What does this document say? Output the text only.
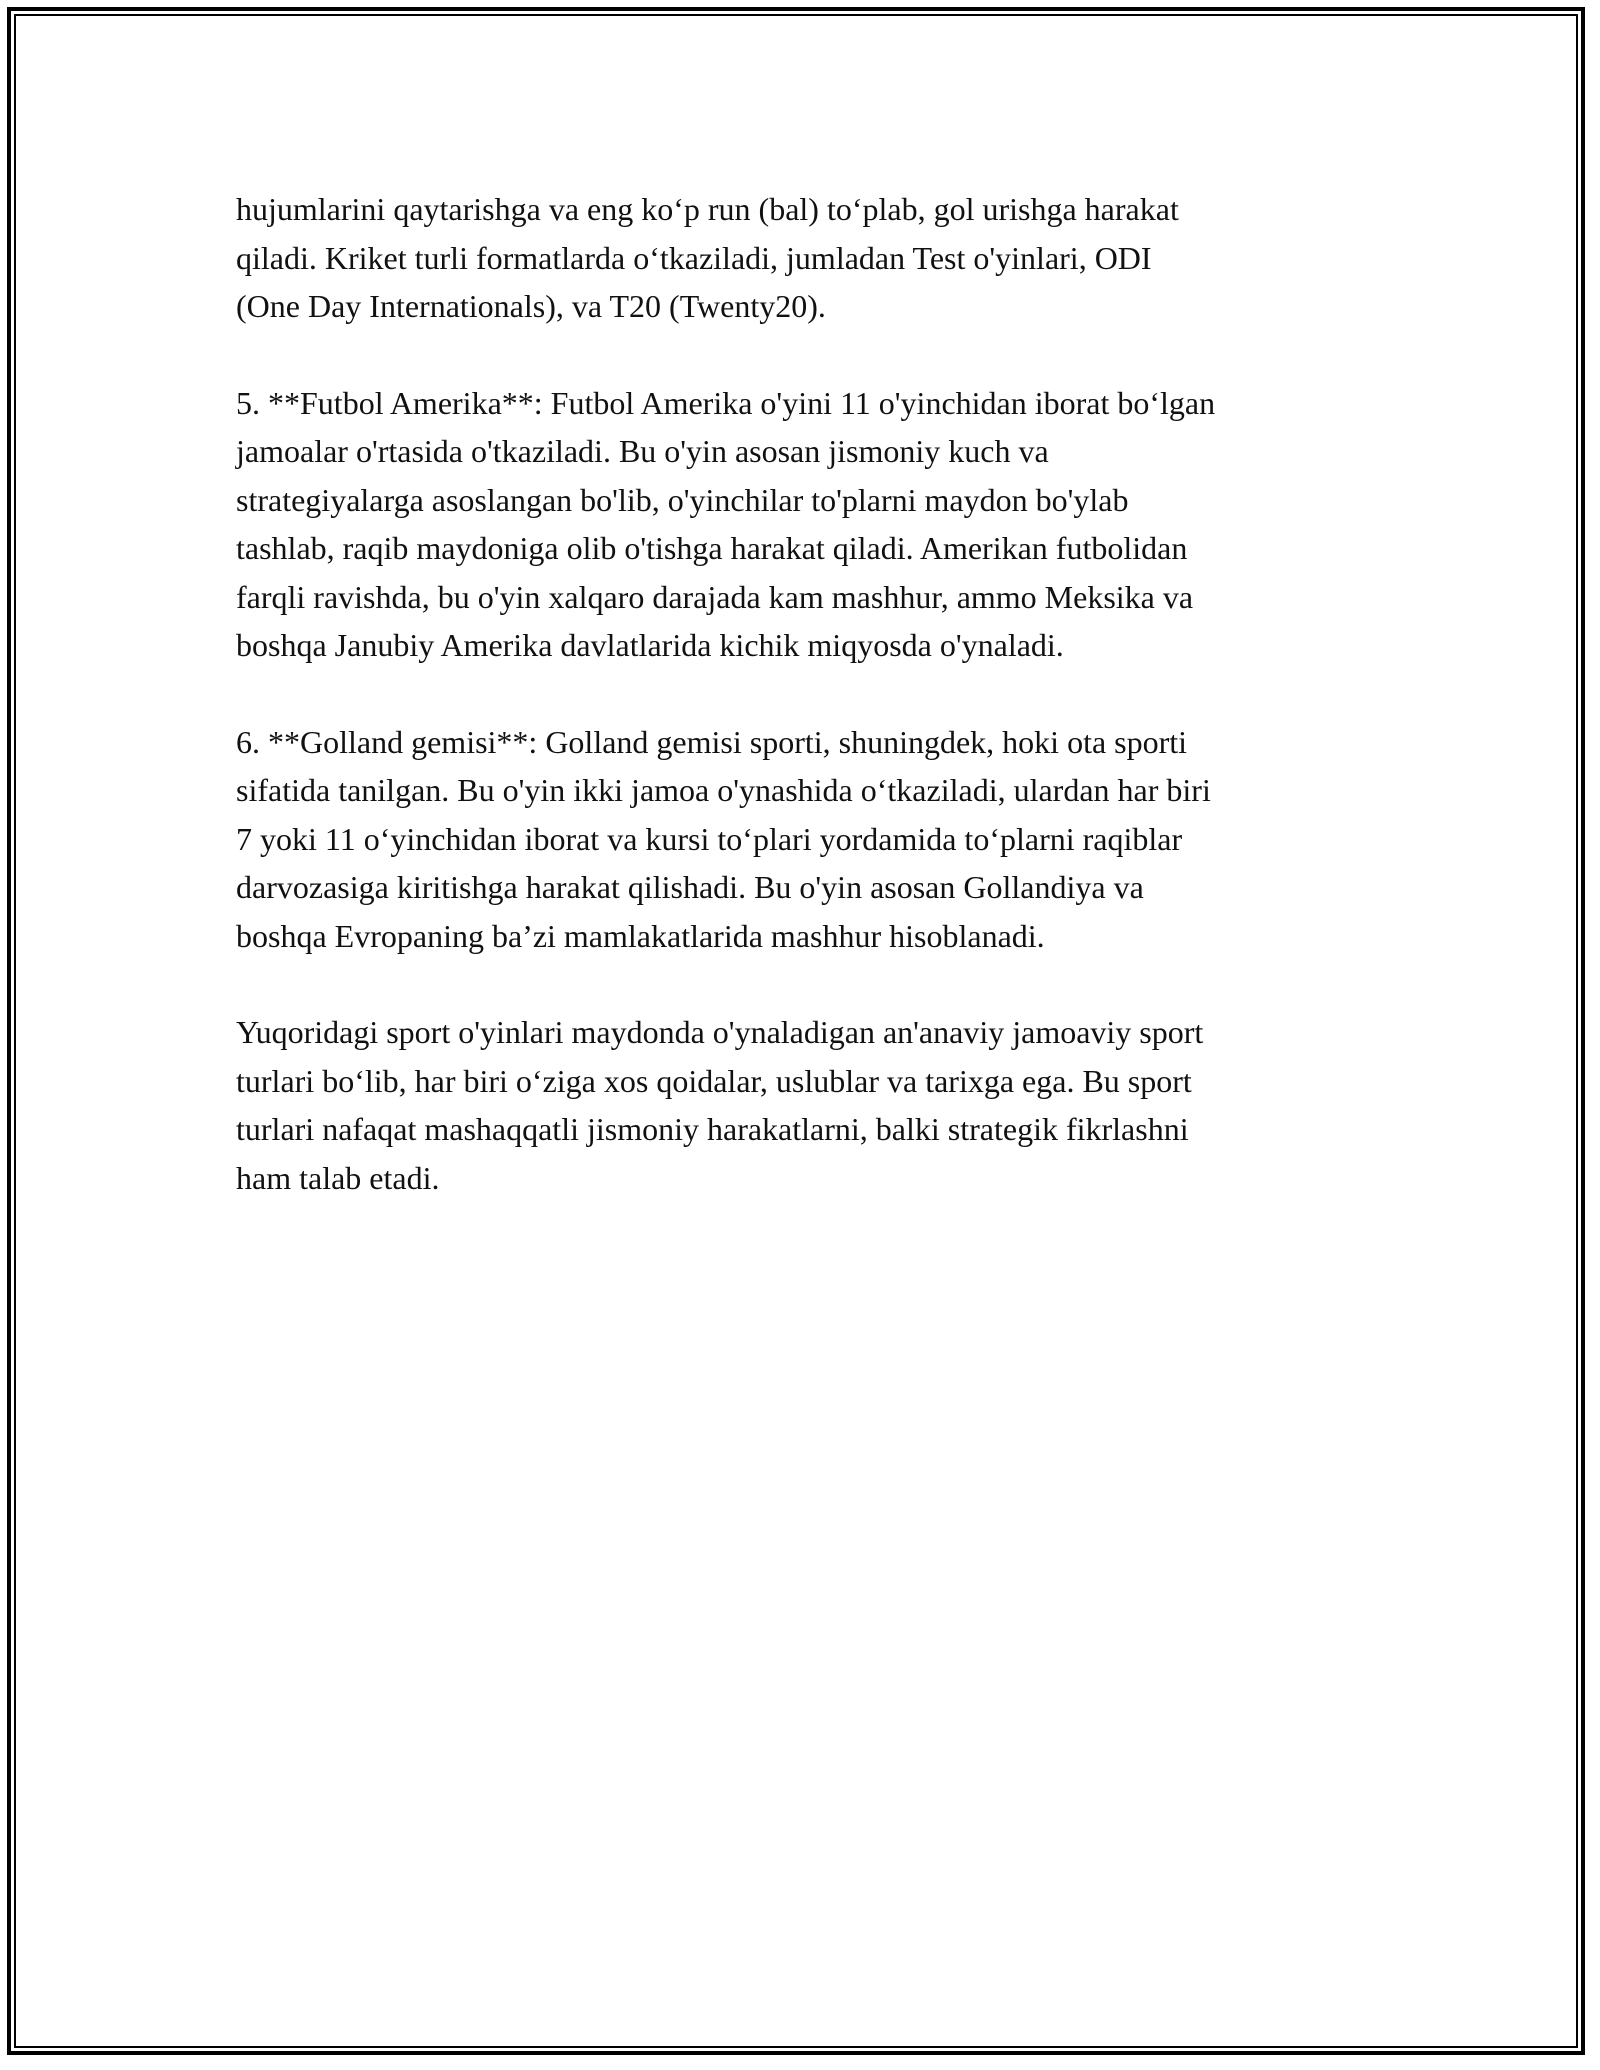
hujumlarini qaytarishga va eng koʻp run (bal) toʻplab, gol urishga harakat
qiladi. Kriket turli formatlarda oʻtkaziladi, jumladan Test o'yinlari, ODI
(One Day Internationals), va T20 (Twenty20).

5. **Futbol Amerika**: Futbol Amerika o'yini 11 o'yinchidan iborat boʻlgan
jamoalar o'rtasida o'tkaziladi. Bu o'yin asosan jismoniy kuch va
strategiyalarga asoslangan bo'lib, o'yinchilar to'plarni maydon bo'ylab
tashlab, raqib maydoniga olib o'tishga harakat qiladi. Amerikan futbolidan
farqli ravishda, bu o'yin xalqaro darajada kam mashhur, ammo Meksika va
boshqa Janubiy Amerika davlatlarida kichik miqyosda o'ynaladi.

6. **Golland gemisi**: Golland gemisi sporti, shuningdek, hoki ota sporti
sifatida tanilgan. Bu o'yin ikki jamoa o'ynashida oʻtkaziladi, ulardan har biri
7 yoki 11 oʻyinchidan iborat va kursi toʻplari yordamida toʻplarni raqiblar
darvozasiga kiritishga harakat qilishadi. Bu o'yin asosan Gollandiya va
boshqa Evropaning ba’zi mamlakatlarida mashhur hisoblanadi.

Yuqoridagi sport o'yinlari maydonda o'ynaladigan an'anaviy jamoaviy sport
turlari boʻlib, har biri oʻziga xos qoidalar, uslublar va tarixga ega. Bu sport
turlari nafaqat mashaqqatli jismoniy harakatlarni, balki strategik fikrlashni
ham talab etadi.
